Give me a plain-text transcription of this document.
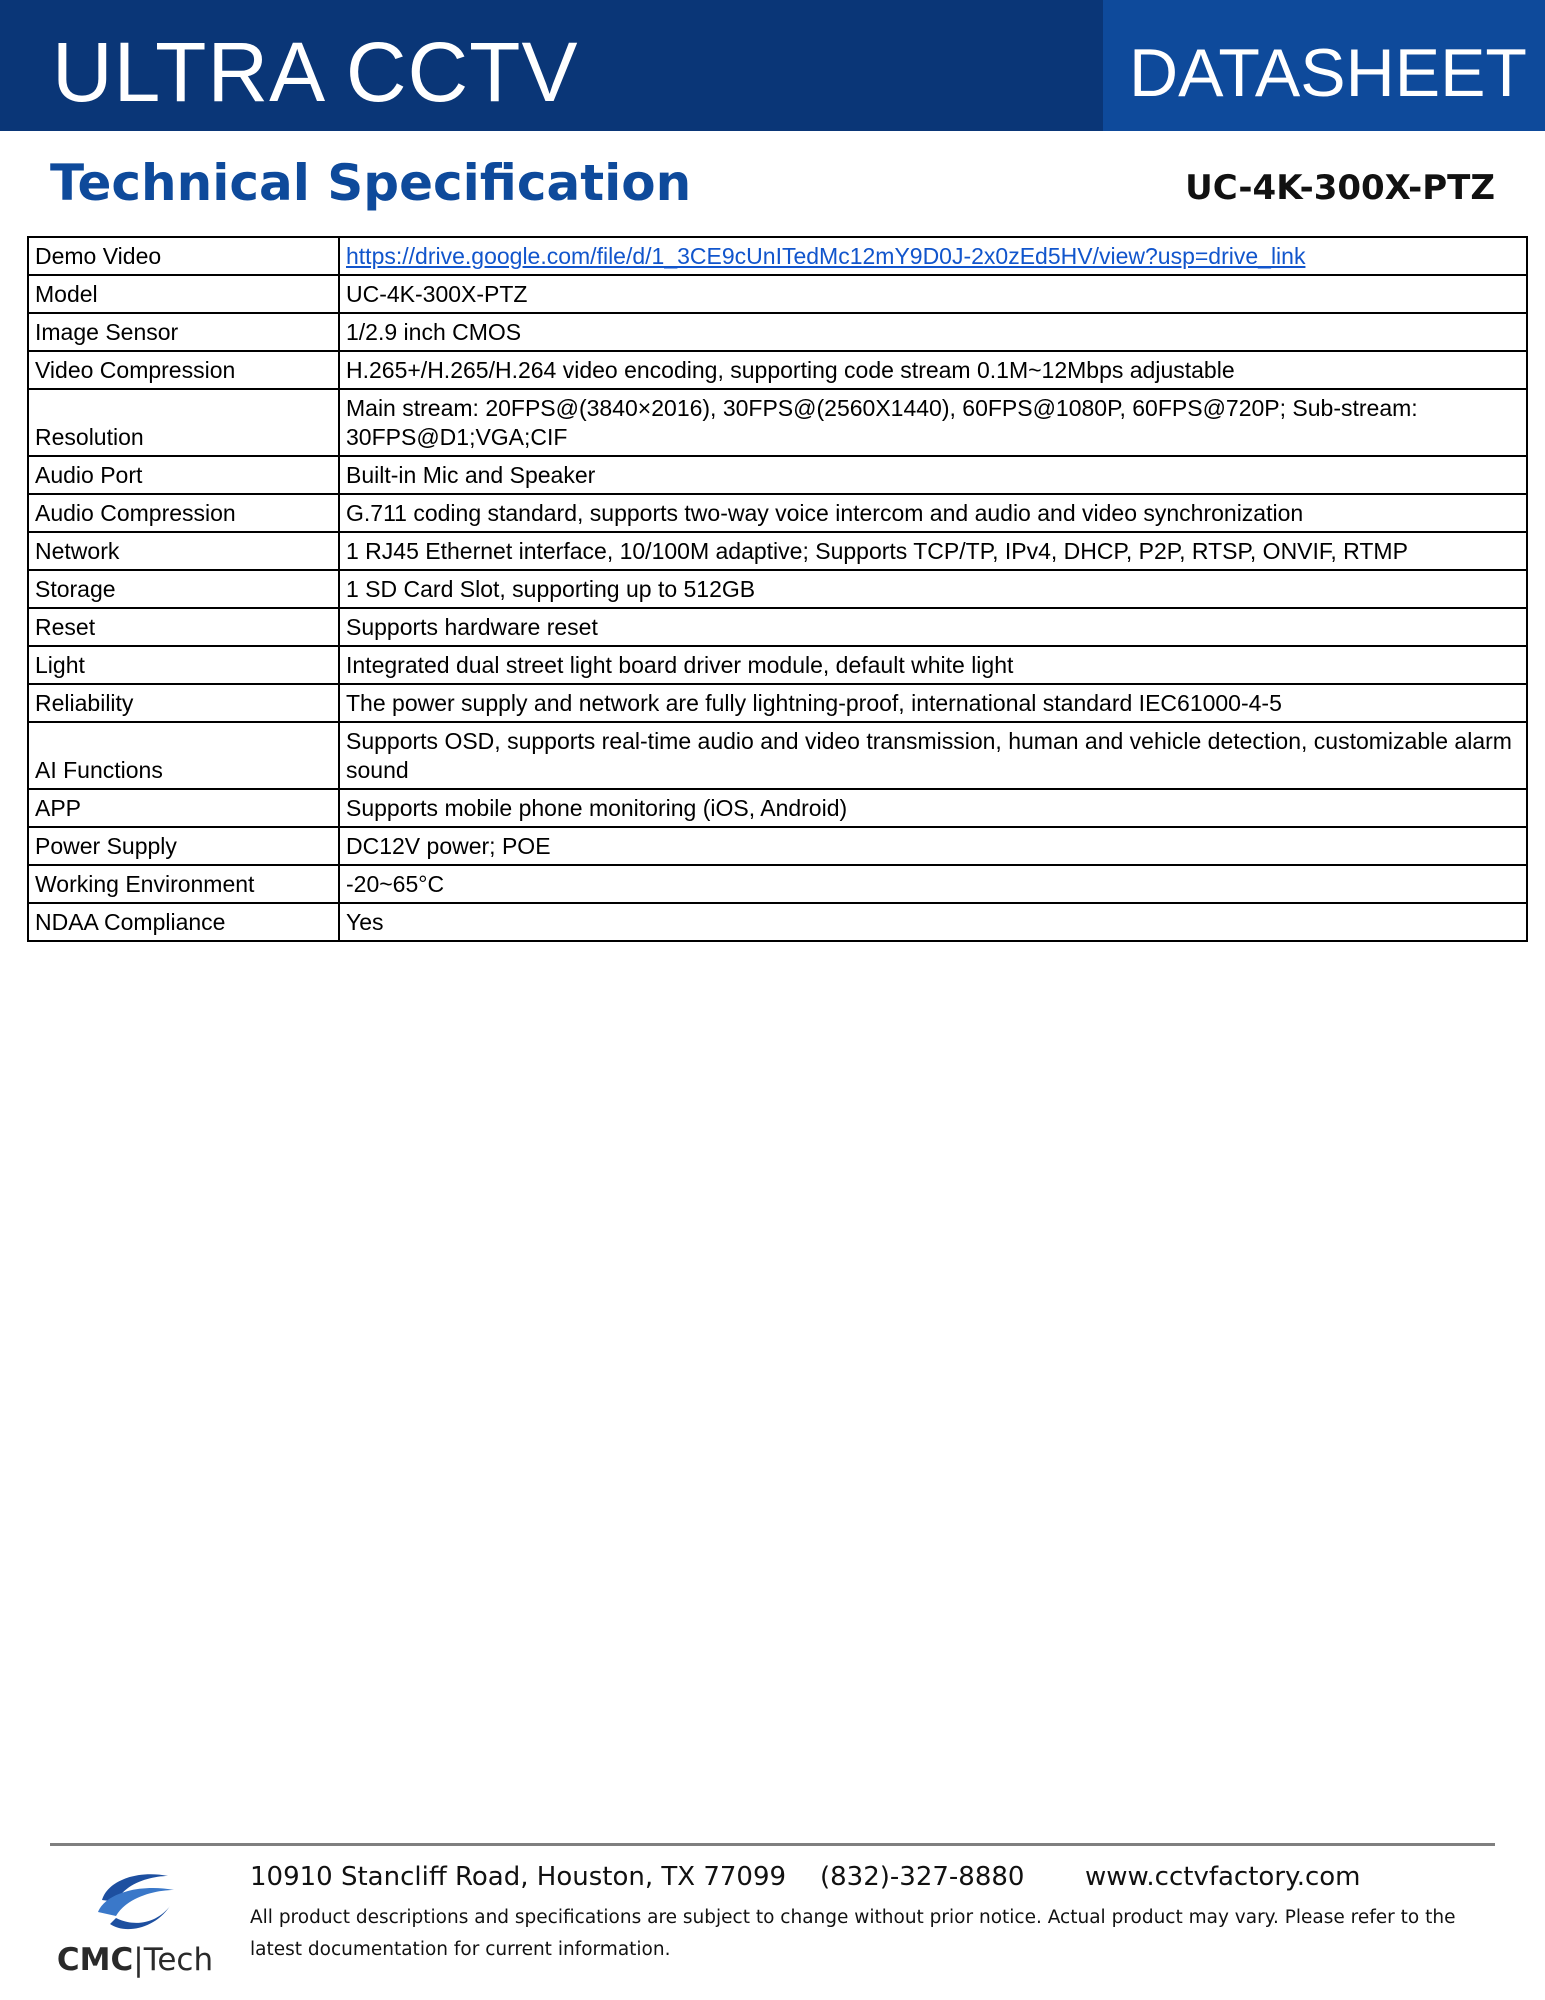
ULTRA CCTV	DATASHEET
Technical Specification	UC-4K-300X-PTZ
Demo Video	https://drive.google.com/file/d/1_3CE9cUnITedMc12mY9D0J-2x0zEd5HV/view?usp=drive_link
Model	UC-4K-300X-PTZ
Image Sensor	1/2.9 inch CMOS
Video Compression	H.265+/H.265/H.264 video encoding, supporting code stream 0.1M~12Mbps adjustable
Resolution	Main stream: 20FPS@(3840×2016), 30FPS@(2560X1440), 60FPS@1080P, 60FPS@720P; Sub-stream: 30FPS@D1;VGA;CIF
Audio Port	Built-in Mic and Speaker
Audio Compression	G.711 coding standard, supports two-way voice intercom and audio and video synchronization
Network	1 RJ45 Ethernet interface, 10/100M adaptive; Supports TCP/TP, IPv4, DHCP, P2P, RTSP, ONVIF, RTMP
Storage	1 SD Card Slot, supporting up to 512GB
Reset	Supports hardware reset
Light	Integrated dual street light board driver module, default white light
Reliability	The power supply and network are fully lightning-proof, international standard IEC61000-4-5
AI Functions	Supports OSD, supports real-time audio and video transmission, human and vehicle detection, customizable alarm sound
APP	Supports mobile phone monitoring (iOS, Android)
Power Supply	DC12V power; POE
Working Environment	-20~65°C
NDAA Compliance	Yes
CMC|Tech
10910 Stancliff Road, Houston, TX 77099 (832)-327-8880 www.cctvfactory.com
All product descriptions and specifications are subject to change without prior notice. Actual product may vary. Please refer to the latest documentation for current information.
